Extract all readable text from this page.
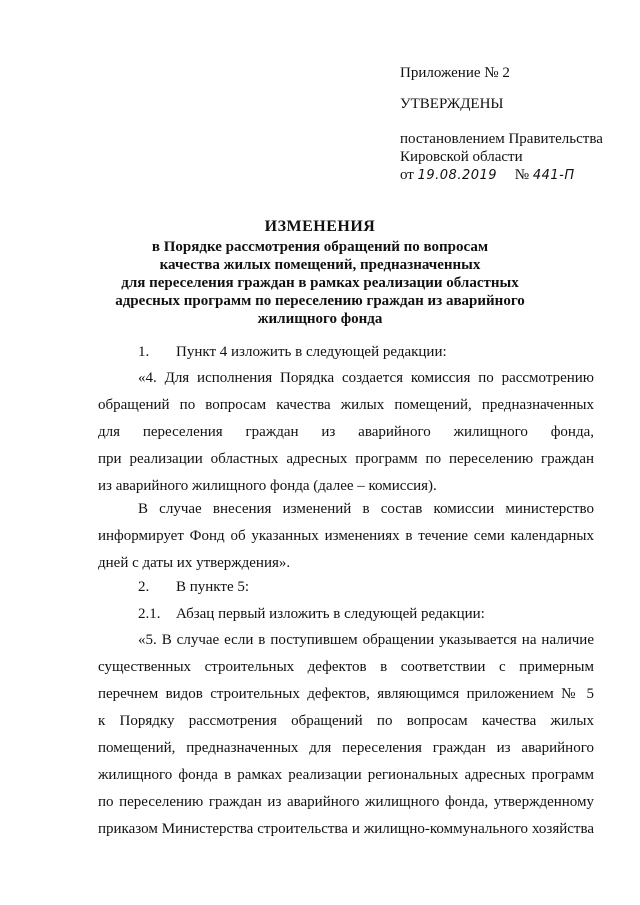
Приложение № 2
УТВЕРЖДЕНЫ
постановлением Правительства
Кировской области
от 19.08.2019 № 441-П
ИЗМЕНЕНИЯ
в Порядке рассмотрения обращений по вопросам
качества жилых помещений, предназначенных
для переселения граждан в рамках реализации областных
адресных программ по переселению граждан из аварийного
жилищного фонда
1. Пункт 4 изложить в следующей редакции:
«4. Для исполнения Порядка создается комиссия по рассмотрению
обращений по вопросам качества жилых помещений, предназначенных
для переселения граждан из аварийного жилищного фонда,
при реализации областных адресных программ по переселению граждан
из аварийного жилищного фонда (далее – комиссия).
В случае внесения изменений в состав комиссии министерство
информирует Фонд об указанных изменениях в течение семи календарных
дней с даты их утверждения».
2. В пункте 5:
2.1. Абзац первый изложить в следующей редакции:
«5. В случае если в поступившем обращении указывается на наличие
существенных строительных дефектов в соответствии с примерным
перечнем видов строительных дефектов, являющимся приложением № 5
к Порядку рассмотрения обращений по вопросам качества жилых
помещений, предназначенных для переселения граждан из аварийного
жилищного фонда в рамках реализации региональных адресных программ
по переселению граждан из аварийного жилищного фонда, утвержденному
приказом Министерства строительства и жилищно-коммунального хозяйства
